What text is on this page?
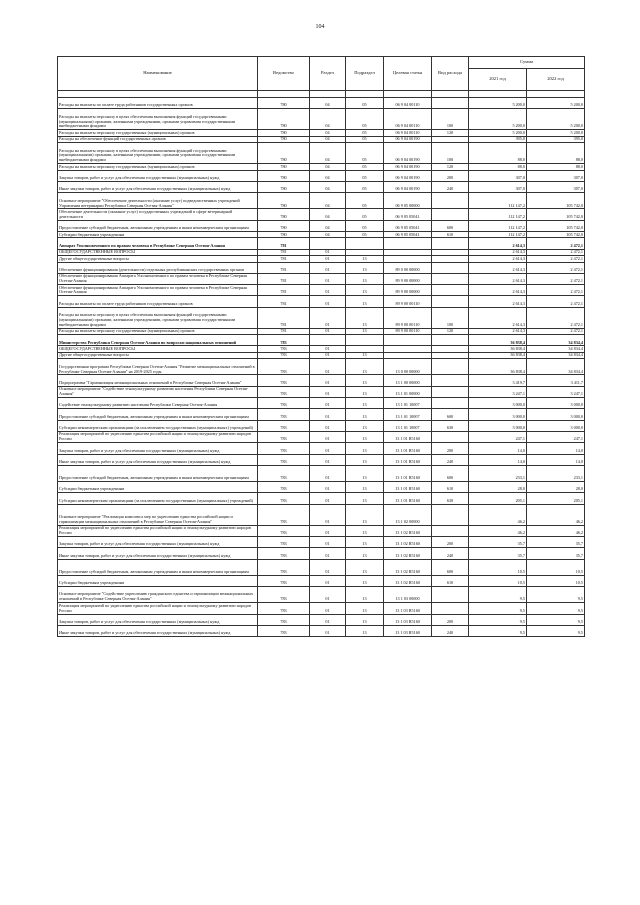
104
Наименование	Ведомство	Раздел	Подраздел	Целевая статья	Вид расхода	Сумма	
						2021 год	2022 год

Расходы на выплаты по оплате труда работников государственных органов	780	04	05	06 9 04 00110		5 200,0	5 200,0
Расходы на выплаты персоналу в целях обеспечения выполнения функций государственными (муниципальными) органами, казенными учреждениями, органами управления государственными внебюджетными фондами	780	04	05	06 9 04 00110	100	5 200,0	5 200,0
Расходы на выплаты персоналу государственных (муниципальных) органов	780	04	05	06 9 04 00110	120	5 200,0	5 200,0
Расходы на обеспечение функций государственных органов	780	04	05	06 9 04 00190		395,0	395,0
Расходы на выплаты персоналу в целях обеспечения выполнения функций государственными (муниципальными) органами, казенными учреждениями, органами управления государственными внебюджетными фондами	780	04	05	06 9 04 00190	100	88,0	88,0
Расходы на выплаты персоналу государственных (муниципальных) органов	780	04	05	06 9 04 00190	120	88,0	88,0
Закупка товаров, работ и услуг для обеспечения государственных (муниципальных) нужд	780	04	05	06 9 04 00190	200	307,0	307,0
Иные закупки товаров, работ и услуг для обеспечения государственных (муниципальных) нужд	780	04	05	06 9 04 00190	240	307,0	307,0
Основное мероприятие "Обеспечение деятельности (оказание услуг) подведомственных учреждений Управления ветеринарии Республики Северная Осетия-Алания"	780	04	05	06 9 05 00000		112 147,2	105 742,0
Обеспечение деятельности (оказание услуг) государственных учреждений в сфере ветеринарной деятельности	780	04	05	06 9 05 05041		112 147,2	105 742,0
Предоставление субсидий бюджетным, автономным учреждениям и иным некоммерческим организациям	780	04	05	06 9 05 05041	600	112 147,2	105 742,0
Субсидии бюджетным учреждениям	780	04	05	06 9 05 05041	610	112 147,2	105 742,0
Аппарат Уполномоченного по правам человека в Республике Северная Осетия-Алания	781					2 614,3	2 472,1
ОБЩЕГОСУДАРСТВЕННЫЕ ВОПРОСЫ	781	01				2 614,3	2 472,1
Другие общегосударственные вопросы	781	01	13			2 614,3	2 472,1
Обеспечение функционирования (деятельности) отдельных республиканских государственных органов	781	01	13	89 0 00 00000		2 614,3	2 472,1
Обеспечение функционирования Аппарата Уполномоченного по правам человека в Республике Северная Осетия-Алания	781	01	13	89 9 00 00000		2 614,3	2 472,1
Обеспечение функционирования Аппарата Уполномоченного по правам человека в Республике Северная Осетия-Алания	781	01	13	89 9 00 00000		2 614,3	2 472,1
Расходы на выплаты по оплате труда работников государственных органов	781	01	13	89 9 00 00110		2 614,3	2 472,1
Расходы на выплаты персоналу в целях обеспечения выполнения функций государственными (муниципальными) органами, казенными учреждениями, органами управления государственными внебюджетными фондами	781	01	13	89 9 00 00110	100	2 614,3	2 472,1
Расходы на выплаты персоналу государственных (муниципальных) органов	781	01	13	89 9 00 00110	120	2 614,3	2 472,1
Министерство Республики Северная Осетия-Алания по вопросам национальных отношений	783					36 838,4	34 834,4
ОБЩЕГОСУДАРСТВЕННЫЕ ВОПРОСЫ	783	01				36 838,4	34 834,4
Другие общегосударственные вопросы	783	01	13			36 838,4	34 834,4
Государственная программа Республики Северная Осетия-Алания "Развитие межнациональных отношений в Республике Северная Осетия-Алания" на 2019-2025 годы	783	01	13	13 0 00 00000		36 838,4	34 834,4
Подпрограмма "Гармонизация межнациональных отношений в Республике Северная Осетия-Алания"	783	01	13	13 1 00 00000		3 419,7	3 411,7
Основное мероприятие "Содействие этнокультурному развитию населения Республики Северная Осетия-Алания"	783	01	13	13 1 01 00000		3 247,1	3 247,1
Содействие этнокультурному развитию населения Республики Северная Осетия-Алания	783	01	13	13 1 01 10007		3 000,0	3 000,0
Предоставление субсидий бюджетным, автономным учреждениям и иным некоммерческим организациям	783	01	13	13 1 01 10007	600	3 000,0	3 000,0
Субсидии некоммерческим организациям (за исключением государственных (муниципальных) учреждений)	783	01	13	13 1 01 10007	630	3 000,0	3 000,0
Реализация мероприятий по укреплению единства российской нации и этнокультурному развитию народов России	783	01	13	13 1 01 R5160		247,1	247,1
Закупка товаров, работ и услуг для обеспечения государственных (муниципальных) нужд	783	01	13	13 1 01 R5160	200	14,0	14,0
Иные закупки товаров, работ и услуг для обеспечения государственных (муниципальных) нужд	783	01	13	13 1 01 R5160	240	14,0	14,0
Предоставление субсидий бюджетным, автономным учреждениям и иным некоммерческим организациям	783	01	13	13 1 01 R5160	600	233,1	233,1
Субсидии бюджетным учреждениям	783	01	13	13 1 01 R5160	610	28,0	28,0
Субсидии некоммерческим организациям (за исключением государственных (муниципальных) учреждений)	783	01	13	13 1 01 R5160	630	205,1	205,1
Основное мероприятие "Реализация комплекса мер по укреплению единства российской нации и гармонизации межнациональных отношений в Республике Северная Осетия-Алания"	783	01	13	13 1 02 00000		46,2	46,2
Реализация мероприятий по укреплению единства российской нации и этнокультурному развитию народов России	783	01	13	13 1 02 R5160		46,2	46,2
Закупка товаров, работ и услуг для обеспечения государственных (муниципальных) нужд	783	01	13	13 1 02 R5160	200	35,7	35,7
Иные закупки товаров, работ и услуг для обеспечения государственных (муниципальных) нужд	783	01	13	13 1 02 R5160	240	35,7	35,7
Предоставление субсидий бюджетным, автономным учреждениям и иным некоммерческим организациям	783	01	13	13 1 02 R5160	600	10,5	10,5
Субсидии бюджетным учреждениям	783	01	13	13 1 02 R5160	610	10,5	10,5
Основное мероприятие "Содействие укреплению гражданского единства и гармонизации межнациональных отношений в Республике Северная Осетия-Алания"	783	01	13	13 1 03 00000		9,5	9,5
Реализация мероприятий по укреплению единства российской нации и этнокультурному развитию народов России	783	01	13	13 1 03 R5160		9,5	9,5
Закупка товаров, работ и услуг для обеспечения государственных (муниципальных) нужд	783	01	13	13 1 03 R5160	200	9,5	9,5
Иные закупки товаров, работ и услуг для обеспечения государственных (муниципальных) нужд	783	01	13	13 1 03 R5160	240	9,5	9,5
